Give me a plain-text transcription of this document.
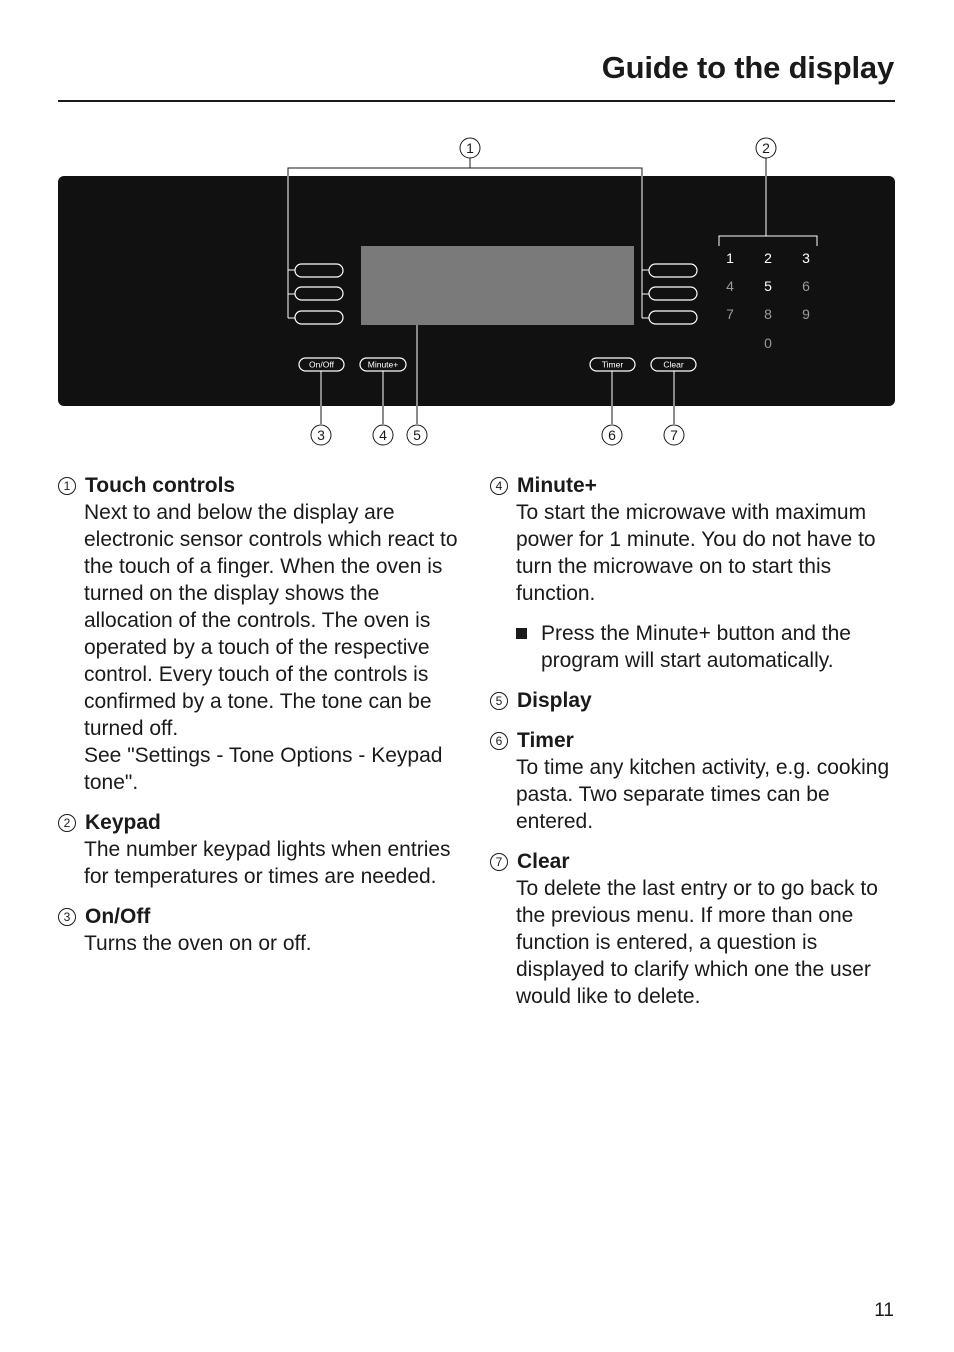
Guide to the display
1	2
On/Off	Minute+	Timer	Clear
1 2 3
4 5 6
7 8 9
0
3	4 5	6	7
1 Touch controls
Next to and below the display are electronic sensor controls which react to the touch of a finger. When the oven is turned on the display shows the allocation of the controls. The oven is operated by a touch of the respective control. Every touch of the controls is confirmed by a tone. The tone can be turned off.
See "Settings - Tone Options - Keypad tone".
2 Keypad
The number keypad lights when entries for temperatures or times are needed.
3 On/Off
Turns the oven on or off.
4 Minute+
To start the microwave with maximum power for 1 minute. You do not have to turn the microwave on to start this function.
Press the Minute+ button and the program will start automatically.
5 Display
6 Timer
To time any kitchen activity, e.g. cooking pasta. Two separate times can be entered.
7 Clear
To delete the last entry or to go back to the previous menu. If more than one function is entered, a question is displayed to clarify which one the user would like to delete.
11
